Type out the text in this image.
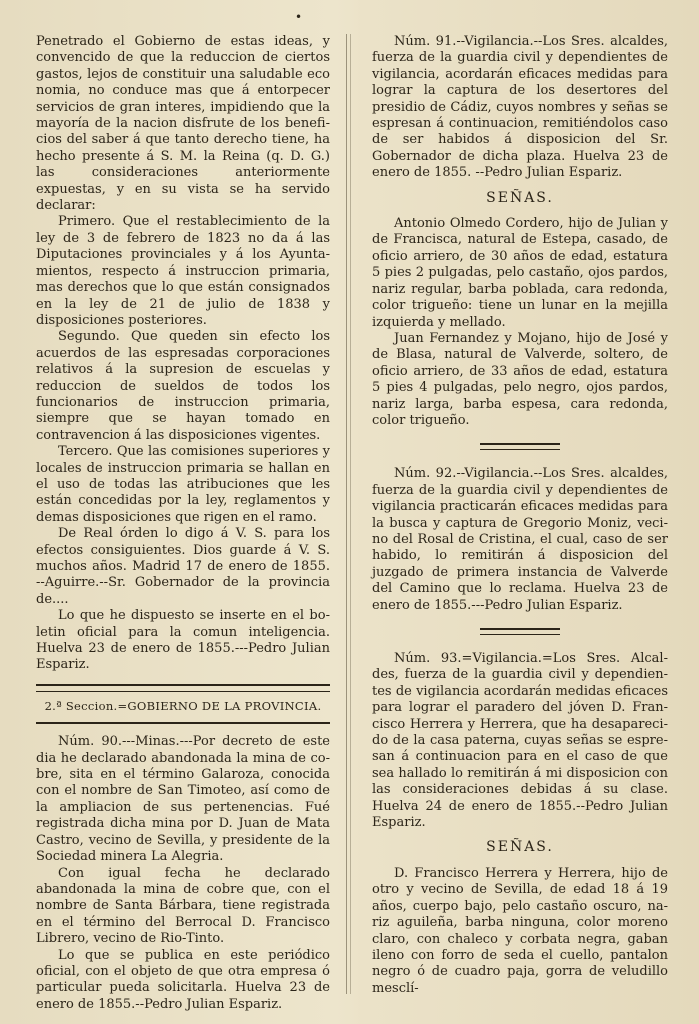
•

Penetrado el Gobierno de estas ideas, y convencido de que la reduccion de ciertos gastos, lejos de constituir una saludable eco nomia, no conduce mas que á entorpecer servicios de gran interes, impidiendo que la mayoría de la nacion disfrute de los beneficios del saber á que tanto derecho tiene, ha hecho presente á S. M. la Reina (q. D. G.) las consideraciones anteriormente expuestas, y en su vista se ha servido declarar:

Primero. Que el restablecimiento de la ley de 3 de febrero de 1823 no da á las Diputaciones provinciales y á los Ayuntamientos, respecto á instruccion primaria, mas derechos que lo que están consignados en la ley de 21 de julio de 1838 y disposiciones posteriores.

Segundo. Que queden sin efecto los acuerdos de las espresadas corporaciones relativos á la supresion de escuelas y reduccion de sueldos de todos los funcionarios de instruccion primaria, siempre que se hayan tomado en contravencion á las disposiciones vigentes.

Tercero. Que las comisiones superiores y locales de instruccion primaria se hallan en el uso de todas las atribuciones que les están concedidas por la ley, reglamentos y demas disposiciones que rigen en el ramo.

De Real órden lo digo á V. S. para los efectos consiguientes. Dios guarde á V. S. muchos años. Madrid 17 de enero de 1855. --Aguirre.--Sr. Gobernador de la provincia de....

Lo que he dispuesto se inserte en el boletin oficial para la comun inteligencia. Huelva 23 de enero de 1855.---Pedro Julian Espariz.

2.ª Seccion.=GOBIERNO DE LA PROVINCIA.

Núm. 90.---Minas.---Por decreto de este dia he declarado abandonada la mina de cobre, sita en el término Galaroza, conocida con el nombre de San Timoteo, así como de la ampliacion de sus pertenencias. Fué registrada dicha mina por D. Juan de Mata Castro, vecino de Sevilla, y presidente de la Sociedad minera La Alegria.

Con igual fecha he declarado abandonada la mina de cobre que, con el nombre de Santa Bárbara, tiene registrada en el término del Berrocal D. Francisco Librero, vecino de Rio-Tinto.

Lo que se publica en este periódico oficial, con el objeto de que otra empresa ó particular pueda solicitarla. Huelva 23 de enero de 1855.--Pedro Julian Espariz.

Núm. 91.--Vigilancia.--Los Sres. alcaldes, fuerza de la guardia civil y dependientes de vigilancia, acordarán eficaces medidas para lograr la captura de los desertores del presidio de Cádiz, cuyos nombres y señas se espresan á continuacion, remitiéndolos caso de ser habidos á disposicion del Sr. Gobernador de dicha plaza. Huelva 23 de enero de 1855. --Pedro Julian Espariz.

SEÑAS.

Antonio Olmedo Cordero, hijo de Julian y de Francisca, natural de Estepa, casado, de oficio arriero, de 30 años de edad, estatura 5 pies 2 pulgadas, pelo castaño, ojos pardos, nariz regular, barba poblada, cara redonda, color trigueño: tiene un lunar en la mejilla izquierda y mellado.

Juan Fernandez y Mojano, hijo de José y de Blasa, natural de Valverde, soltero, de oficio arriero, de 33 años de edad, estatura 5 pies 4 pulgadas, pelo negro, ojos pardos, nariz larga, barba espesa, cara redonda, color trigueño.

Núm. 92.--Vigilancia.--Los Sres. alcaldes, fuerza de la guardia civil y dependientes de vigilancia practicarán eficaces medidas para la busca y captura de Gregorio Moniz, vecino del Rosal de Cristina, el cual, caso de ser habido, lo remitirán á disposicion del juzgado de primera instancia de Valverde del Camino que lo reclama. Huelva 23 de enero de 1855.---Pedro Julian Espariz.

Núm. 93.=Vigilancia.=Los Sres. Alcaldes, fuerza de la guardia civil y dependientes de vigilancia acordarán medidas eficaces para lograr el paradero del jóven D. Francisco Herrera y Herrera, que ha desaparecido de la casa paterna, cuyas señas se espresan á continuacion para en el caso de que sea hallado lo remitirán á mi disposicion con las consideraciones debidas á su clase. Huelva 24 de enero de 1855.--Pedro Julian Espariz.

SEÑAS.

D. Francisco Herrera y Herrera, hijo de otro y vecino de Sevilla, de edad 18 á 19 años, cuerpo bajo, pelo castaño oscuro, nariz aguileña, barba ninguna, color moreno claro, con chaleco y corbata negra, gaban ileno con forro de seda el cuello, pantalon negro ó de cuadro paja, gorra de veludillo mesclí-
